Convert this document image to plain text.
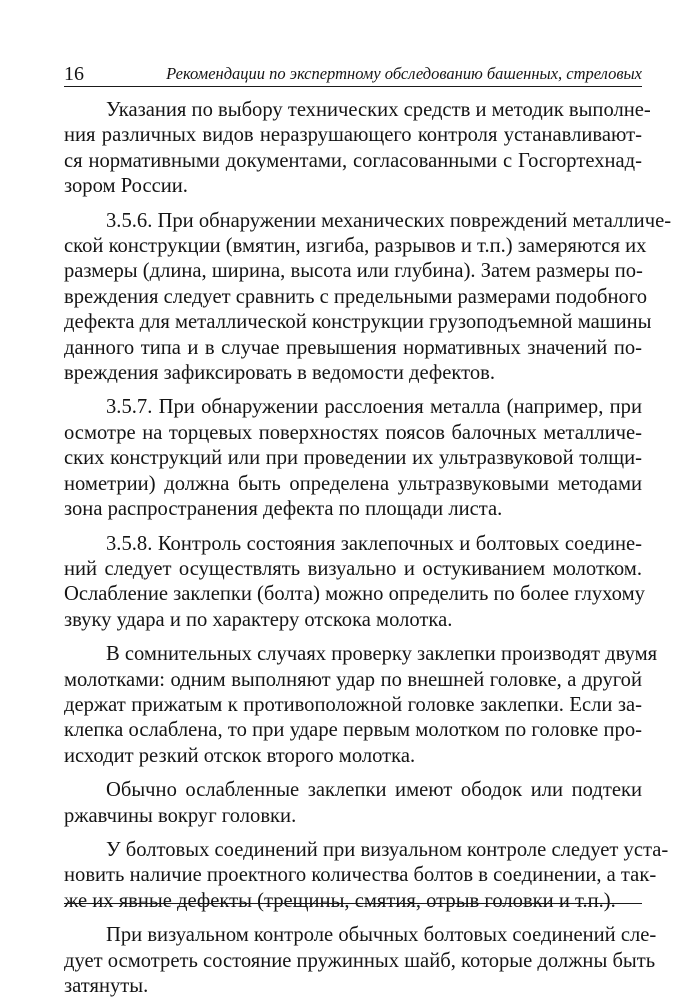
16	Рекомендации по экспертному обследованию башенных, стреловых

Указания по выбору технических средств и методик выполне-
ния различных видов неразрушающего контроля устанавливают-
ся нормативными документами, согласованными с Госгортехнад-
зором России.

3.5.6. При обнаружении механических повреждений металличе-
ской конструкции (вмятин, изгиба, разрывов и т.п.) замеряются их
размеры (длина, ширина, высота или глубина). Затем размеры по-
вреждения следует сравнить с предельными размерами подобного
дефекта для металлической конструкции грузоподъемной машины
данного типа и в случае превышения нормативных значений по-
вреждения зафиксировать в ведомости дефектов.

3.5.7. При обнаружении расслоения металла (например, при
осмотре на торцевых поверхностях поясов балочных металличе-
ских конструкций или при проведении их ультразвуковой толщи-
нометрии) должна быть определена ультразвуковыми методами
зона распространения дефекта по площади листа.

3.5.8. Контроль состояния заклепочных и болтовых соедине-
ний следует осуществлять визуально и остукиванием молотком.
Ослабление заклепки (болта) можно определить по более глухому
звуку удара и по характеру отскока молотка.

В сомнительных случаях проверку заклепки производят двумя
молотками: одним выполняют удар по внешней головке, а другой
держат прижатым к противоположной головке заклепки. Если за-
клепка ослаблена, то при ударе первым молотком по головке про-
исходит резкий отскок второго молотка.

Обычно ослабленные заклепки имеют ободок или подтеки
ржавчины вокруг головки.

У болтовых соединений при визуальном контроле следует уста-
новить наличие проектного количества болтов в соединении, а так-
же их явные дефекты (трещины, смятия, отрыв головки и т.п.).

При визуальном контроле обычных болтовых соединений сле-
дует осмотреть состояние пружинных шайб, которые должны быть
затянуты.
